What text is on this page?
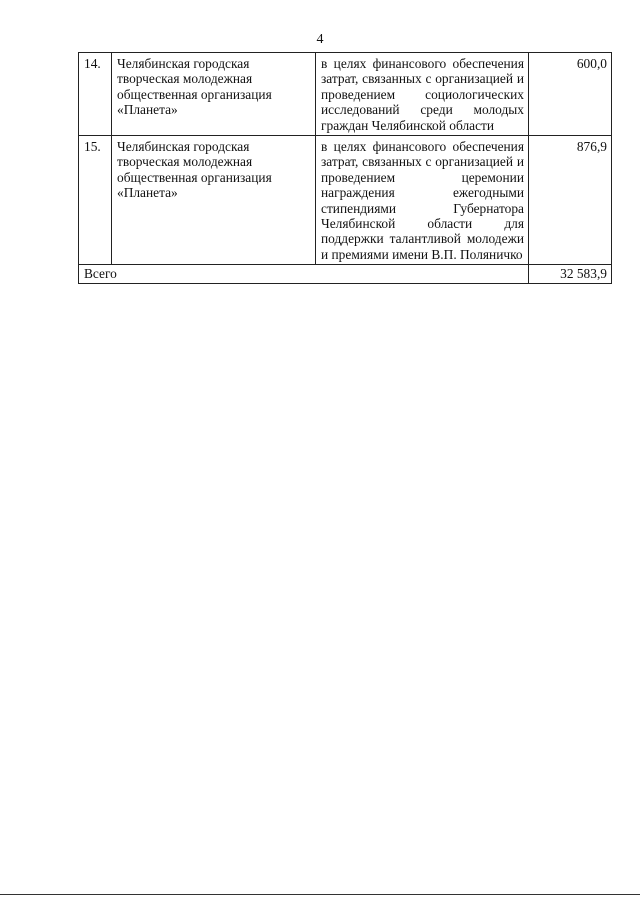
4
14.	Челябинская городская творческая молодежная общественная организация «Планета»	в целях финансового обеспечения затрат, связанных с организацией и проведением социологических исследований среди молодых граждан Челябинской области	600,0
15.	Челябинская городская творческая молодежная общественная организация «Планета»	в целях финансового обеспечения затрат, связанных с организацией и проведением церемонии награждения ежегодными стипендиями Губернатора Челябинской области для поддержки талантливой молодежи и премиями имени В.П. Поляничко	876,9
Всего			32 583,9
